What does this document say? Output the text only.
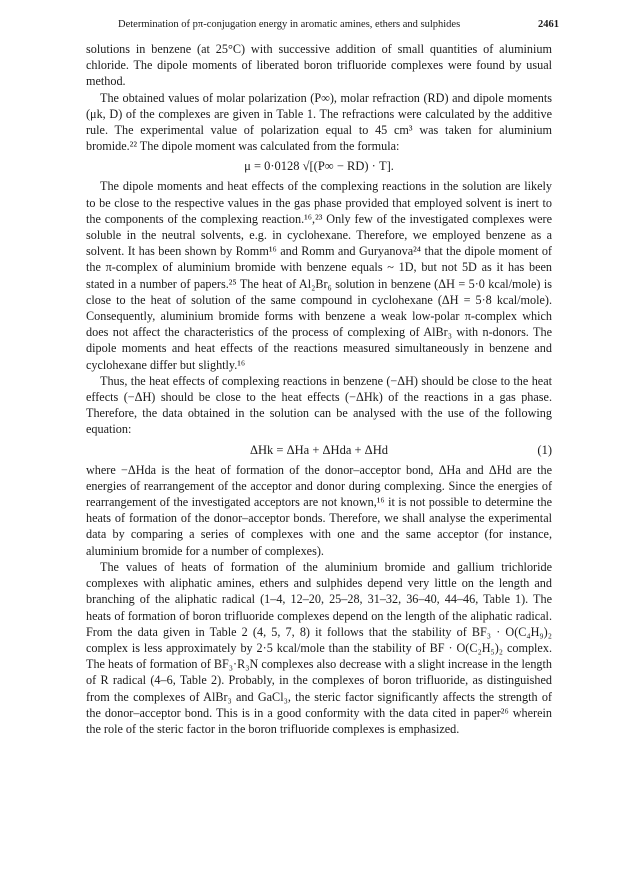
Determination of pπ-conjugation energy in aromatic amines, ethers and sulphides	2461

solutions in benzene (at 25°C) with successive addition of small quantities of aluminium chloride. The dipole moments of liberated boron trifluoride complexes were found by usual method.

The obtained values of molar polarization (P∞), molar refraction (RD) and dipole moments (μk, D) of the complexes are given in Table 1. The refractions were calculated by the additive rule. The experimental value of polarization equal to 45 cm³ was taken for aluminium bromide.²² The dipole moment was calculated from the formula:

μ = 0·0128 √[(P∞ − RD) · T].

The dipole moments and heat effects of the complexing reactions in the solution are likely to be close to the respective values in the gas phase provided that employed solvent is inert to the components of the complexing reaction.¹⁶,²³ Only few of the investigated complexes were soluble in the neutral solvents, e.g. in cyclohexane. Therefore, we employed benzene as a solvent. It has been shown by Romm¹⁶ and Romm and Guryanova²⁴ that the dipole moment of the π-complex of aluminium bromide with benzene equals ~ 1D, but not 5D as it has been stated in a number of papers.²⁵ The heat of Al₂Br₆ solution in benzene (ΔH = 5·0 kcal/mole) is close to the heat of solution of the same compound in cyclohexane (ΔH = 5·8 kcal/mole). Consequently, aluminium bromide forms with benzene a weak low-polar π-complex which does not affect the characteristics of the process of complexing of AlBr₃ with n-donors. The dipole moments and heat effects of the reactions measured simultaneously in benzene and cyclohexane differ but slightly.¹⁶

Thus, the heat effects of complexing reactions in benzene (−ΔH) should be close to the heat effects (−ΔH) should be close to the heat effects (−ΔHk) of the reactions in a gas phase. Therefore, the data obtained in the solution can be analysed with the use of the following equation:

ΔHk = ΔHa + ΔHda + ΔHd	(1)

where −ΔHda is the heat of formation of the donor–acceptor bond, ΔHa and ΔHd are the energies of rearrangement of the acceptor and donor during complexing. Since the energies of rearrangement of the investigated acceptors are not known,¹⁶ it is not possible to determine the heats of formation of the donor–acceptor bonds. Therefore, we shall analyse the experimental data by comparing a series of complexes with one and the same acceptor (for instance, aluminium bromide for a number of complexes).

The values of heats of formation of the aluminium bromide and gallium trichloride complexes with aliphatic amines, ethers and sulphides depend very little on the length and branching of the aliphatic radical (1–4, 12–20, 25–28, 31–32, 36–40, 44–46, Table 1). The heats of formation of boron trifluoride complexes depend on the length of the aliphatic radical. From the data given in Table 2 (4, 5, 7, 8) it follows that the stability of BF₃ · O(C₄H₉)₂ complex is less approximately by 2·5 kcal/mole than the stability of BF · O(C₂H₅)₂ complex. The heats of formation of BF₃·R₃N complexes also decrease with a slight increase in the length of R radical (4–6, Table 2). Probably, in the complexes of boron trifluoride, as distinguished from the complexes of AlBr₃ and GaCl₃, the steric factor significantly affects the strength of the donor–acceptor bond. This is in a good conformity with the data cited in paper²⁶ wherein the role of the steric factor in the boron trifluoride complexes is emphasized.
